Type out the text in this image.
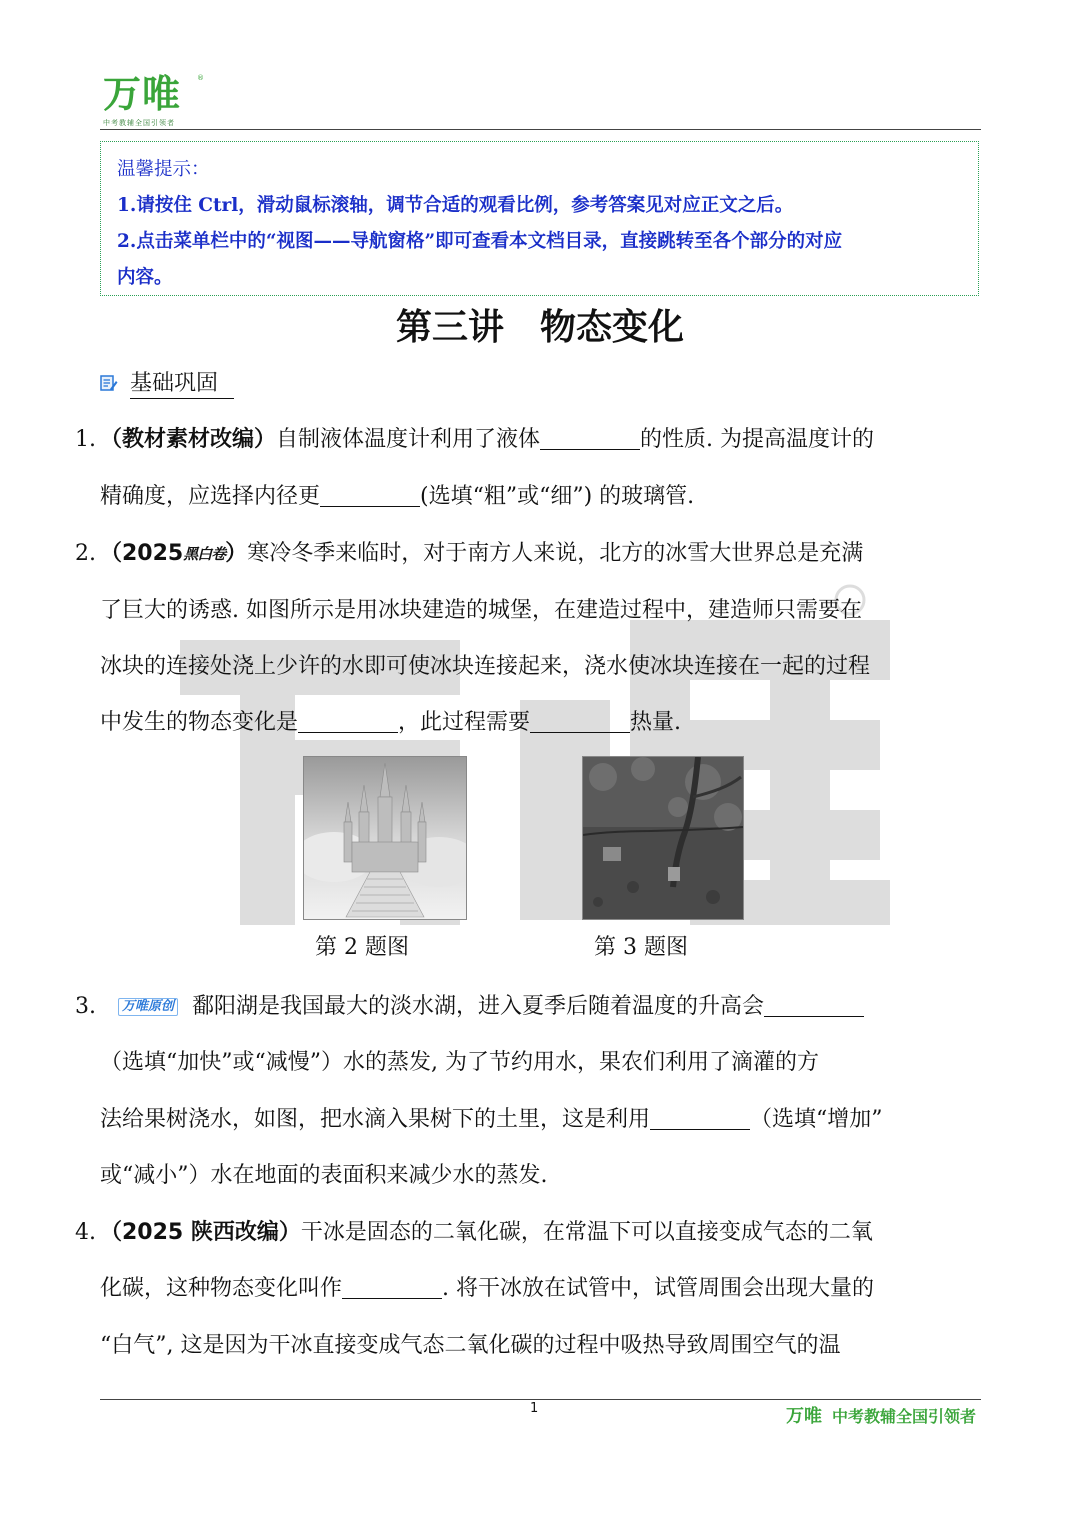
万唯	®
中考教辅全国引领者

温馨提示：

1.请按住 Ctrl，滑动鼠标滚轴，调节合适的观看比例，参考答案见对应正文之后。

2.点击菜单栏中的“视图——导航窗格”即可查看本文档目录，直接跳转至各个部分的对应

内容。

第三讲　物态变化
基础巩固
1. （教材素材改编）自制液体温度计利用了液体	的性质. 为提高温度计的
精确度，应选择内径更	(选填“粗”或“细”) 的玻璃管.
2. （2025黑白卷）寒冷冬季来临时，对于南方人来说，北方的冰雪大世界总是充满
了巨大的诱惑. 如图所示是用冰块建造的城堡，在建造过程中，建造师只需要在
冰块的连接处浇上少许的水即可使冰块连接起来，浇水使冰块连接在一起的过程
中发生的物态变化是	，此过程需要	热量.
第 2 题图	第 3 题图
3.	万唯原创 鄱阳湖是我国最大的淡水湖，进入夏季后随着温度的升高会
（选填“加快”或“减慢”）水的蒸发, 为了节约用水，果农们利用了滴灌的方
法给果树浇水，如图，把水滴入果树下的土里，这是利用	（选填“增加”
或“减小”）水在地面的表面积来减少水的蒸发.
4. （2025 陕西改编）干冰是固态的二氧化碳，在常温下可以直接变成气态的二氧
化碳，这种物态变化叫作	. 将干冰放在试管中，试管周围会出现大量的
“白气”, 这是因为干冰直接变成气态二氧化碳的过程中吸热导致周围空气的温
1	万唯 中考教辅全国引领者
